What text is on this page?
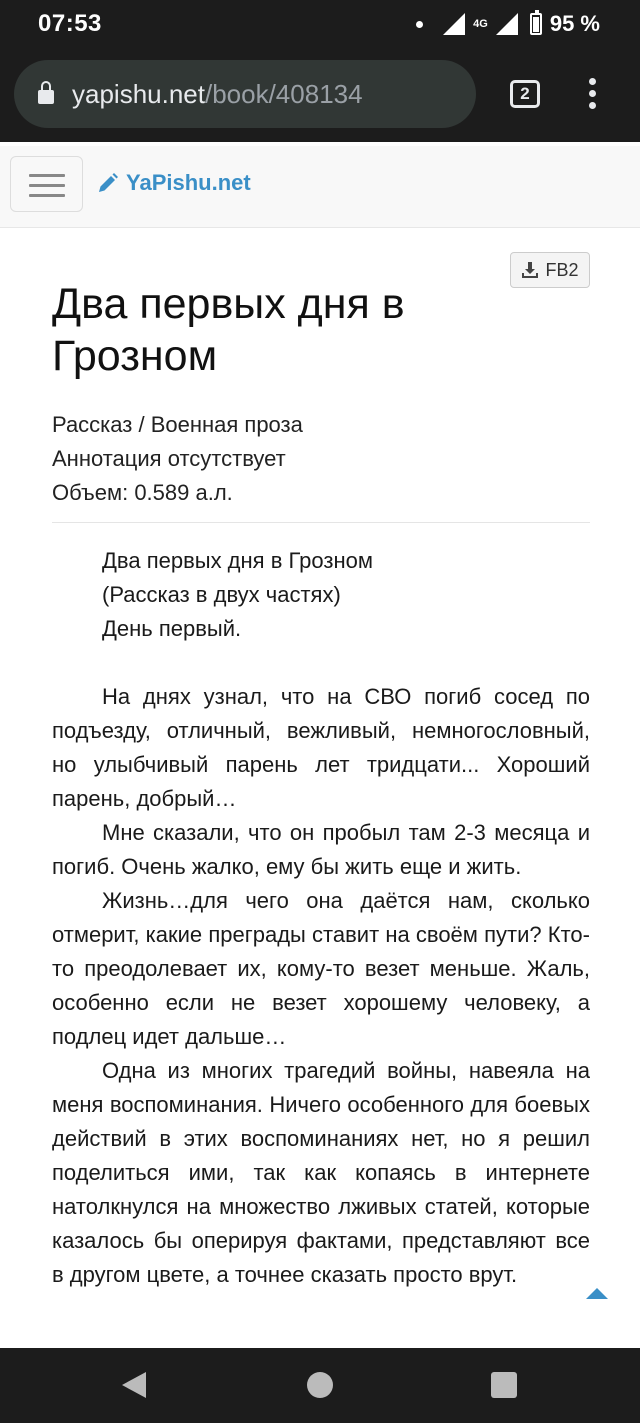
07:53	4G	95 %
yapishu.net /book/408134	2
YaPishu.net
FB2
Два первых дня в Грозном
Рассказ / Военная проза
Аннотация отсутствует
Объем: 0.589 а.л.

Два первых дня в Грозном

(Рассказ в двух частях)

День первый.

На днях узнал, что на СВО погиб сосед по подъезду, отличный, вежливый, немногословный, но улыбчивый парень лет тридцати... Хороший парень, добрый…

Мне сказали, что он пробыл там 2-3 месяца и погиб. Очень жалко, ему бы жить еще и жить.

Жизнь…для чего она даётся нам, сколько отмерит, какие преграды ставит на своём пути? Кто-то преодолевает их, кому-то везет меньше. Жаль, особенно если не везет хорошему человеку, а подлец идет дальше…

Одна из многих трагедий войны, навеяла на меня воспоминания. Ничего особенного для боевых действий в этих воспоминаниях нет, но я решил поделиться ими, так как копаясь в интернете натолкнулся на множество лживых статей, которые казалось бы оперируя фактами, представляют все в другом цвете, а точнее сказать просто врут.
